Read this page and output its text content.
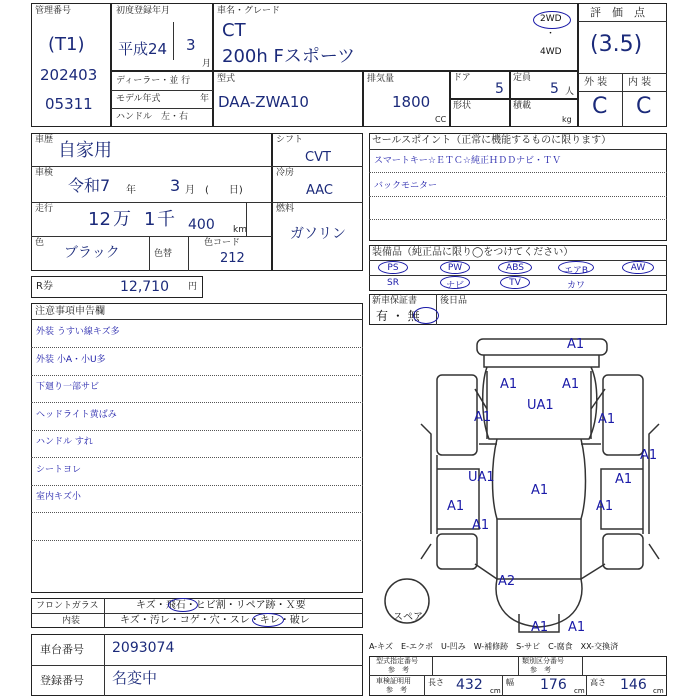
管理番号
(T1)
202403
05311
初度登録年月
平成24 3
月
車名・グレード
CT
200h Fスポーツ
2WD
・
4WD
評　価　点
(3.5)
外 装 内 装
C C
ディーラー・並 行
モデル年式	年
ハンドル　左・右
型式
DAA-ZWA10
排気量
1800
CC
ドア
5
定員
5 人
形状	積載
kg
車歴 自家用
車検
令和7 年 3 月 (　　日)
走行 12 万 1 千 400 km
色
ブラック	色替
色コード
212
シフト
CVT
冷房
AAC
燃料
ガソリン
セールスポイント（正常に機能するものに限ります）
スマートキー☆ＥＴＣ☆純正ＨＤＤナビ・ＴＶ
バックモニター
装備品（純正品に限り◯をつけてください）
PS	PW	ABS	エアB	AW
SR	ナビ	TV	カワ
R券	12,710 円
新車保証書	後日品
有 ・ 無
注意事項申告欄
スペア
フロントガラス
内装
キズ・飛石・ヒビ割・リペア跡・Ｘ要
キズ・汚レ・コゲ・穴・スレ・キレ・破レ
車台番号 2093074
登録番号 名変中
A-キズ　E-エクボ　U-凹み　W-補修跡　S-サビ　C-腐食　XX-交換済
型式指定番号
参　考
類別区分番号
参　考
車検証明用
参　考
長さ 432 cm
幅 176 cm
高さ 146 cm
外装 うすい線キズ多
外装 小A・小U多
下廻り一部サビ
ヘッドライト黄ばみ
ハンドル すれ
シートヨレ
室内キズ小
A1
A1	A1
UA1
A1
A1
UA1
A1
A1
A1
A1
A1
A2
A1 A1
A1
